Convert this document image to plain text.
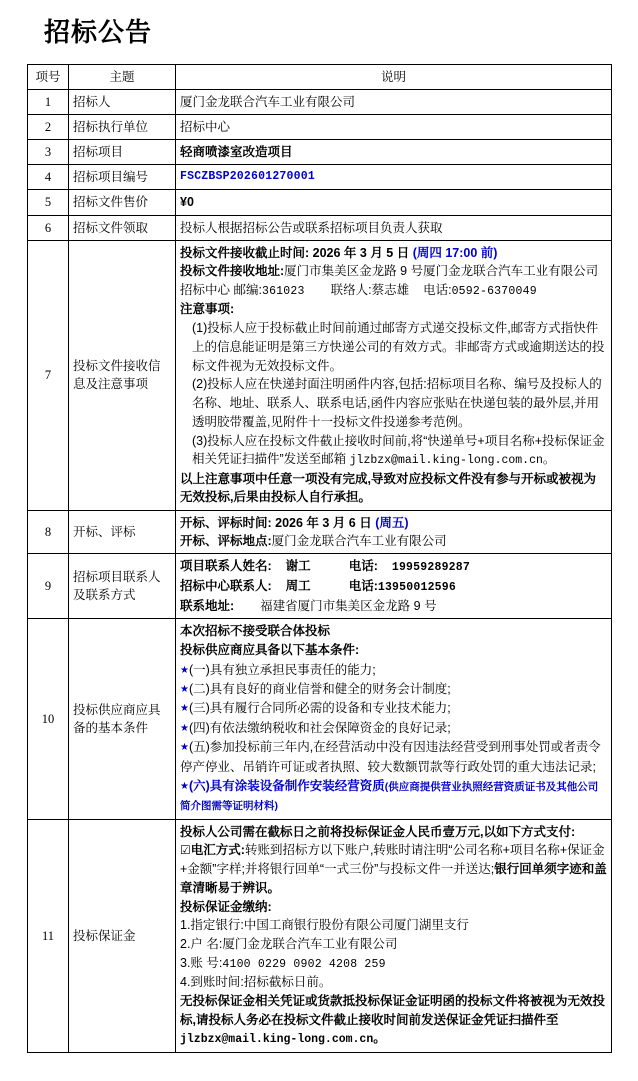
招标公告
项号	主题	说明
1	招标人	厦门金龙联合汽车工业有限公司

2	招标执行单位	招标中心

3	招标项目	轻商喷漆室改造项目

4	招标项目编号	FSCZBSP202601270001

5	招标文件售价	¥0

6	招标文件领取	投标人根据招标公告或联系招标项目负责人获取

7	投标文件接收信息及注意事项	
投标文件接收截止时间: 2026 年 3 月 5 日 (周四 17:00 前)
投标文件接收地址:厦门市集美区金龙路 9 号厦门金龙联合汽车工业有限公司招标中心 邮编:361023 联络人:蔡志雄 电话:0592-6370049
注意事项:
(1)投标人应于投标截止时间前通过邮寄方式递交投标文件,邮寄方式指快件上的信息能证明是第三方快递公司的有效方式。非邮寄方式或逾期送达的投标文件视为无效投标文件。
(2)投标人应在快递封面注明函件内容,包括:招标项目名称、编号及投标人的名称、地址、联系人、联系电话,函件内容应张贴在快递包装的最外层,并用透明胶带覆盖,见附件十一投标文件投递参考范例。
(3)投标人应在投标文件截止接收时间前,将“快递单号+项目名称+投标保证金相关凭证扫描件”发送至邮箱 jlzbzx@mail.king-long.com.cn。
以上注意事项中任意一项没有完成,导致对应投标文件没有参与开标或被视为无效投标,后果由投标人自行承担。

8	开标、评标	开标、评标时间: 2026 年 3 月 6 日 (周五)
开标、评标地点:厦门金龙联合汽车工业有限公司

9	招标项目联系人及联系方式	项目联系人姓名: 谢工 电话: 19959289287
招标中心联系人: 周工 电话:13950012596
联系地址: 福建省厦门市集美区金龙路 9 号

10	投标供应商应具备的基本条件	
本次招标不接受联合体投标
投标供应商应具备以下基本条件:
★(一)具有独立承担民事责任的能力;
★(二)具有良好的商业信誉和健全的财务会计制度;
★(三)具有履行合同所必需的设备和专业技术能力;
★(四)有依法缴纳税收和社会保障资金的良好记录;
★(五)参加投标前三年内,在经营活动中没有因违法经营受到刑事处罚或者责令停产停业、吊销许可证或者执照、较大数额罚款等行政处罚的重大违法记录;
★(六)具有涂装设备制作安装经营资质(供应商提供营业执照经营资质证书及其他公司简介图需等证明材料)

11	投标保证金	
投标人公司需在截标日之前将投标保证金人民币壹万元,以如下方式支付:
☑电汇方式:转账到招标方以下账户,转账时请注明“公司名称+项目名称+保证金+金额”字样;并将银行回单“一式三份”与投标文件一并送达;银行回单须字迹和盖章清晰易于辨识。
投标保证金缴纳:
1.指定银行:中国工商银行股份有限公司厦门湖里支行
2.户 名:厦门金龙联合汽车工业有限公司
3.账 号:4100 0229 0902 4208 259
4.到账时间:招标截标日前。
无投标保证金相关凭证或货款抵投标保证金证明函的投标文件将被视为无效投标,请投标人务必在投标文件截止接收时间前发送保证金凭证扫描件至jlzbzx@mail.king-long.com.cn。
